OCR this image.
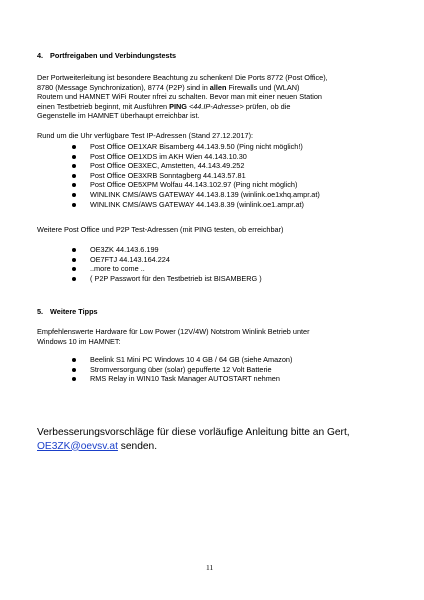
4. Portfreigaben und Verbindungstests

Der Portweiterleitung ist besondere Beachtung zu schenken! Die Ports 8772 (Post Office),
8780 (Message Synchronization), 8774 (P2P) sind in allen Firewalls und (WLAN)
Routern und HAMNET WiFi Router nfrei zu schalten. Bevor man mit einer neuen Station
einen Testbetrieb beginnt, mit Ausführen PING <44.IP-Adresse> prüfen, ob die
Gegenstelle im HAMNET überhaupt erreichbar ist.

Rund um die Uhr verfügbare Test IP-Adressen (Stand 27.12.2017):

Post Office OE1XAR Bisamberg 44.143.9.50 (Ping nicht möglich!)
Post Office OE1XDS im AKH Wien 44.143.10.30
Post Office OE3XEC, Amstetten, 44.143.49.252
Post Office OE3XRB Sonntagberg 44.143.57.81
Post Office OE5XPM Wolfau 44.143.102.97 (Ping nicht möglich)
WINLINK CMS/AWS GATEWAY 44.143.8.139 (winlink.oe1xhq.ampr.at)
WINLINK CMS/AWS GATEWAY 44.143.8.39 (winlink.oe1.ampr.at)

Weitere Post Office und P2P Test-Adressen (mit PING testen, ob erreichbar)

OE3ZK 44.143.6.199
OE7FTJ 44.143.164.224
..more to come ..
( P2P Passwort für den Testbetrieb ist BISAMBERG )
5. Weitere Tipps

Empfehlenswerte Hardware für Low Power (12V/4W) Notstrom Winlink Betrieb unter
Windows 10 im HAMNET:

Beelink S1 Mini PC Windows 10 4 GB / 64 GB (siehe Amazon)
Stromversorgung über (solar) gepufferte 12 Volt Batterie
RMS Relay in WIN10 Task Manager AUTOSTART nehmen

Verbesserungsvorschläge für diese vorläufige Anleitung bitte an Gert,
OE3ZK@oevsv.at senden.

11
